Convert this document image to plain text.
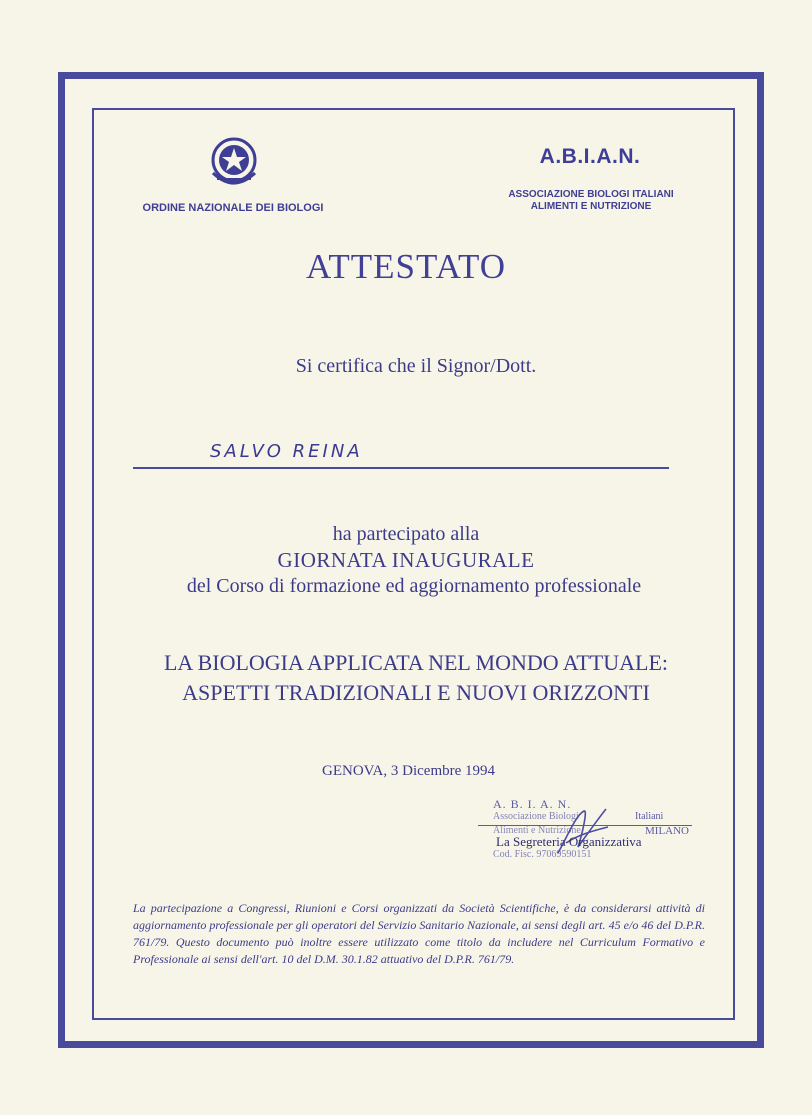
ORDINE NAZIONALE DEI BIOLOGI
A.B.I.A.N.
ASSOCIAZIONE BIOLOGI ITALIANI
ALIMENTI E NUTRIZIONE
ATTESTATO
Si certifica che il Signor/Dott.
SALVO REINA
ha partecipato alla
GIORNATA INAUGURALE
del Corso di formazione ed aggiornamento professionale
LA BIOLOGIA APPLICATA NEL MONDO ATTUALE:
ASPETTI TRADIZIONALI E NUOVI ORIZZONTI
GENOVA, 3 Dicembre 1994
A. B. I. A. N.
Associazione Biologi	Italiani
Alimenti e Nutrizione	MILANO
Cod. Fisc. 97069590151
La Segreteria Organizzativa
La partecipazione a Congressi, Riunioni e Corsi organizzati da Società Scientifiche, è da considerarsi attività di aggiornamento professionale per gli operatori del Servizio Sanitario Nazionale, ai sensi degli art. 45 e/o 46 del D.P.R. 761/79. Questo documento può inoltre essere utilizzato come titolo da includere nel Curriculum Formativo e Professionale ai sensi dell'art. 10 del D.M. 30.1.82 attuativo del D.P.R. 761/79.
